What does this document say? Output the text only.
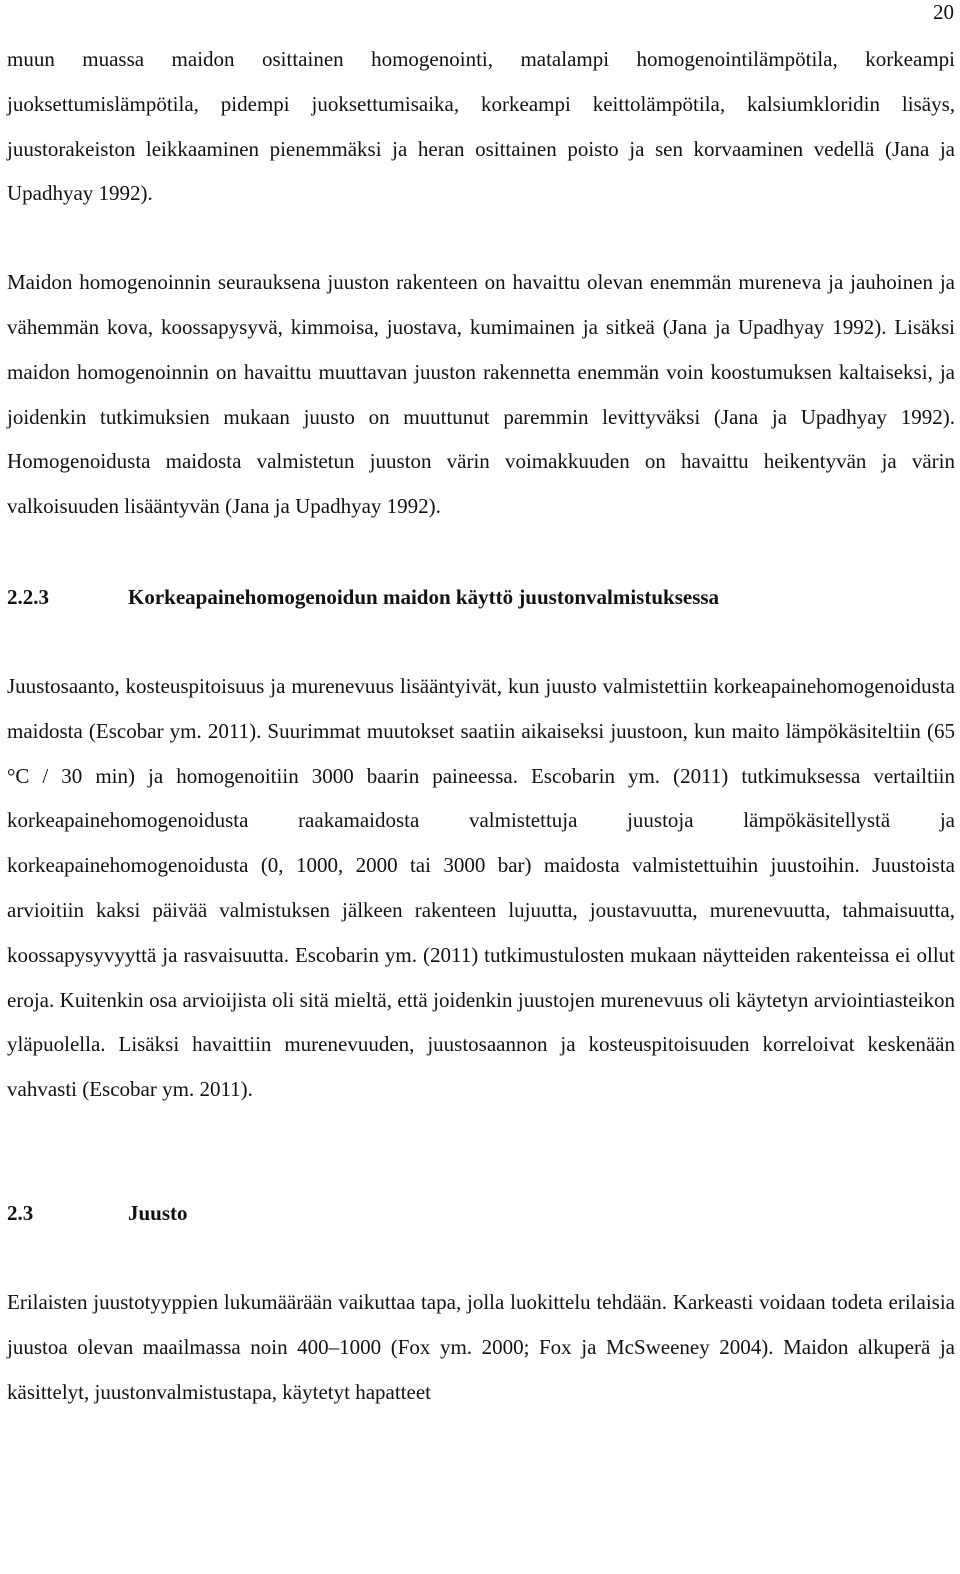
20

muun muassa maidon osittainen homogenointi, matalampi homogenointilämpötila, korkeampi juoksettumislämpötila, pidempi juoksettumisaika, korkeampi keittolämpötila, kalsiumkloridin lisäys, juustorakeiston leikkaaminen pienemmäksi ja heran osittainen poisto ja sen korvaaminen vedellä (Jana ja Upadhyay 1992).

Maidon homogenoinnin seurauksena juuston rakenteen on havaittu olevan enemmän mureneva ja jauhoinen ja vähemmän kova, koossapysyvä, kimmoisa, juostava, kumimainen ja sitkeä (Jana ja Upadhyay 1992). Lisäksi maidon homogenoinnin on havaittu muuttavan juuston rakennetta enemmän voin koostumuksen kaltaiseksi, ja joidenkin tutkimuksien mukaan juusto on muuttunut paremmin levittyväksi (Jana ja Upadhyay 1992). Homogenoidusta maidosta valmistetun juuston värin voimakkuuden on havaittu heikentyvän ja värin valkoisuuden lisääntyvän (Jana ja Upadhyay 1992).

2.2.3	Korkeapainehomogenoidun maidon käyttö juustonvalmistuksessa

Juustosaanto, kosteuspitoisuus ja murenevuus lisääntyivät, kun juusto valmistettiin korkeapainehomogenoidusta maidosta (Escobar ym. 2011). Suurimmat muutokset saatiin aikaiseksi juustoon, kun maito lämpökäsiteltiin (65 °C / 30 min) ja homogenoitiin 3000 baarin paineessa. Escobarin ym. (2011) tutkimuksessa vertailtiin korkeapainehomogenoidusta raakamaidosta valmistettuja juustoja lämpökäsitellystä ja korkeapainehomogenoidusta (0, 1000, 2000 tai 3000 bar) maidosta valmistettuihin juustoihin. Juustoista arvioitiin kaksi päivää valmistuksen jälkeen rakenteen lujuutta, joustavuutta, murenevuutta, tahmaisuutta, koossapysyvyyttä ja rasvaisuutta. Escobarin ym. (2011) tutkimustulosten mukaan näytteiden rakenteissa ei ollut eroja. Kuitenkin osa arvioijista oli sitä mieltä, että joidenkin juustojen murenevuus oli käytetyn arviointiasteikon yläpuolella. Lisäksi havaittiin murenevuuden, juustosaannon ja kosteuspitoisuuden korreloivat keskenään vahvasti (Escobar ym. 2011).

2.3	Juusto

Erilaisten juustotyyppien lukumäärään vaikuttaa tapa, jolla luokittelu tehdään. Karkeasti voidaan todeta erilaisia juustoa olevan maailmassa noin 400–1000 (Fox ym. 2000; Fox ja McSweeney 2004). Maidon alkuperä ja käsittelyt, juustonvalmistustapa, käytetyt hapatteet
